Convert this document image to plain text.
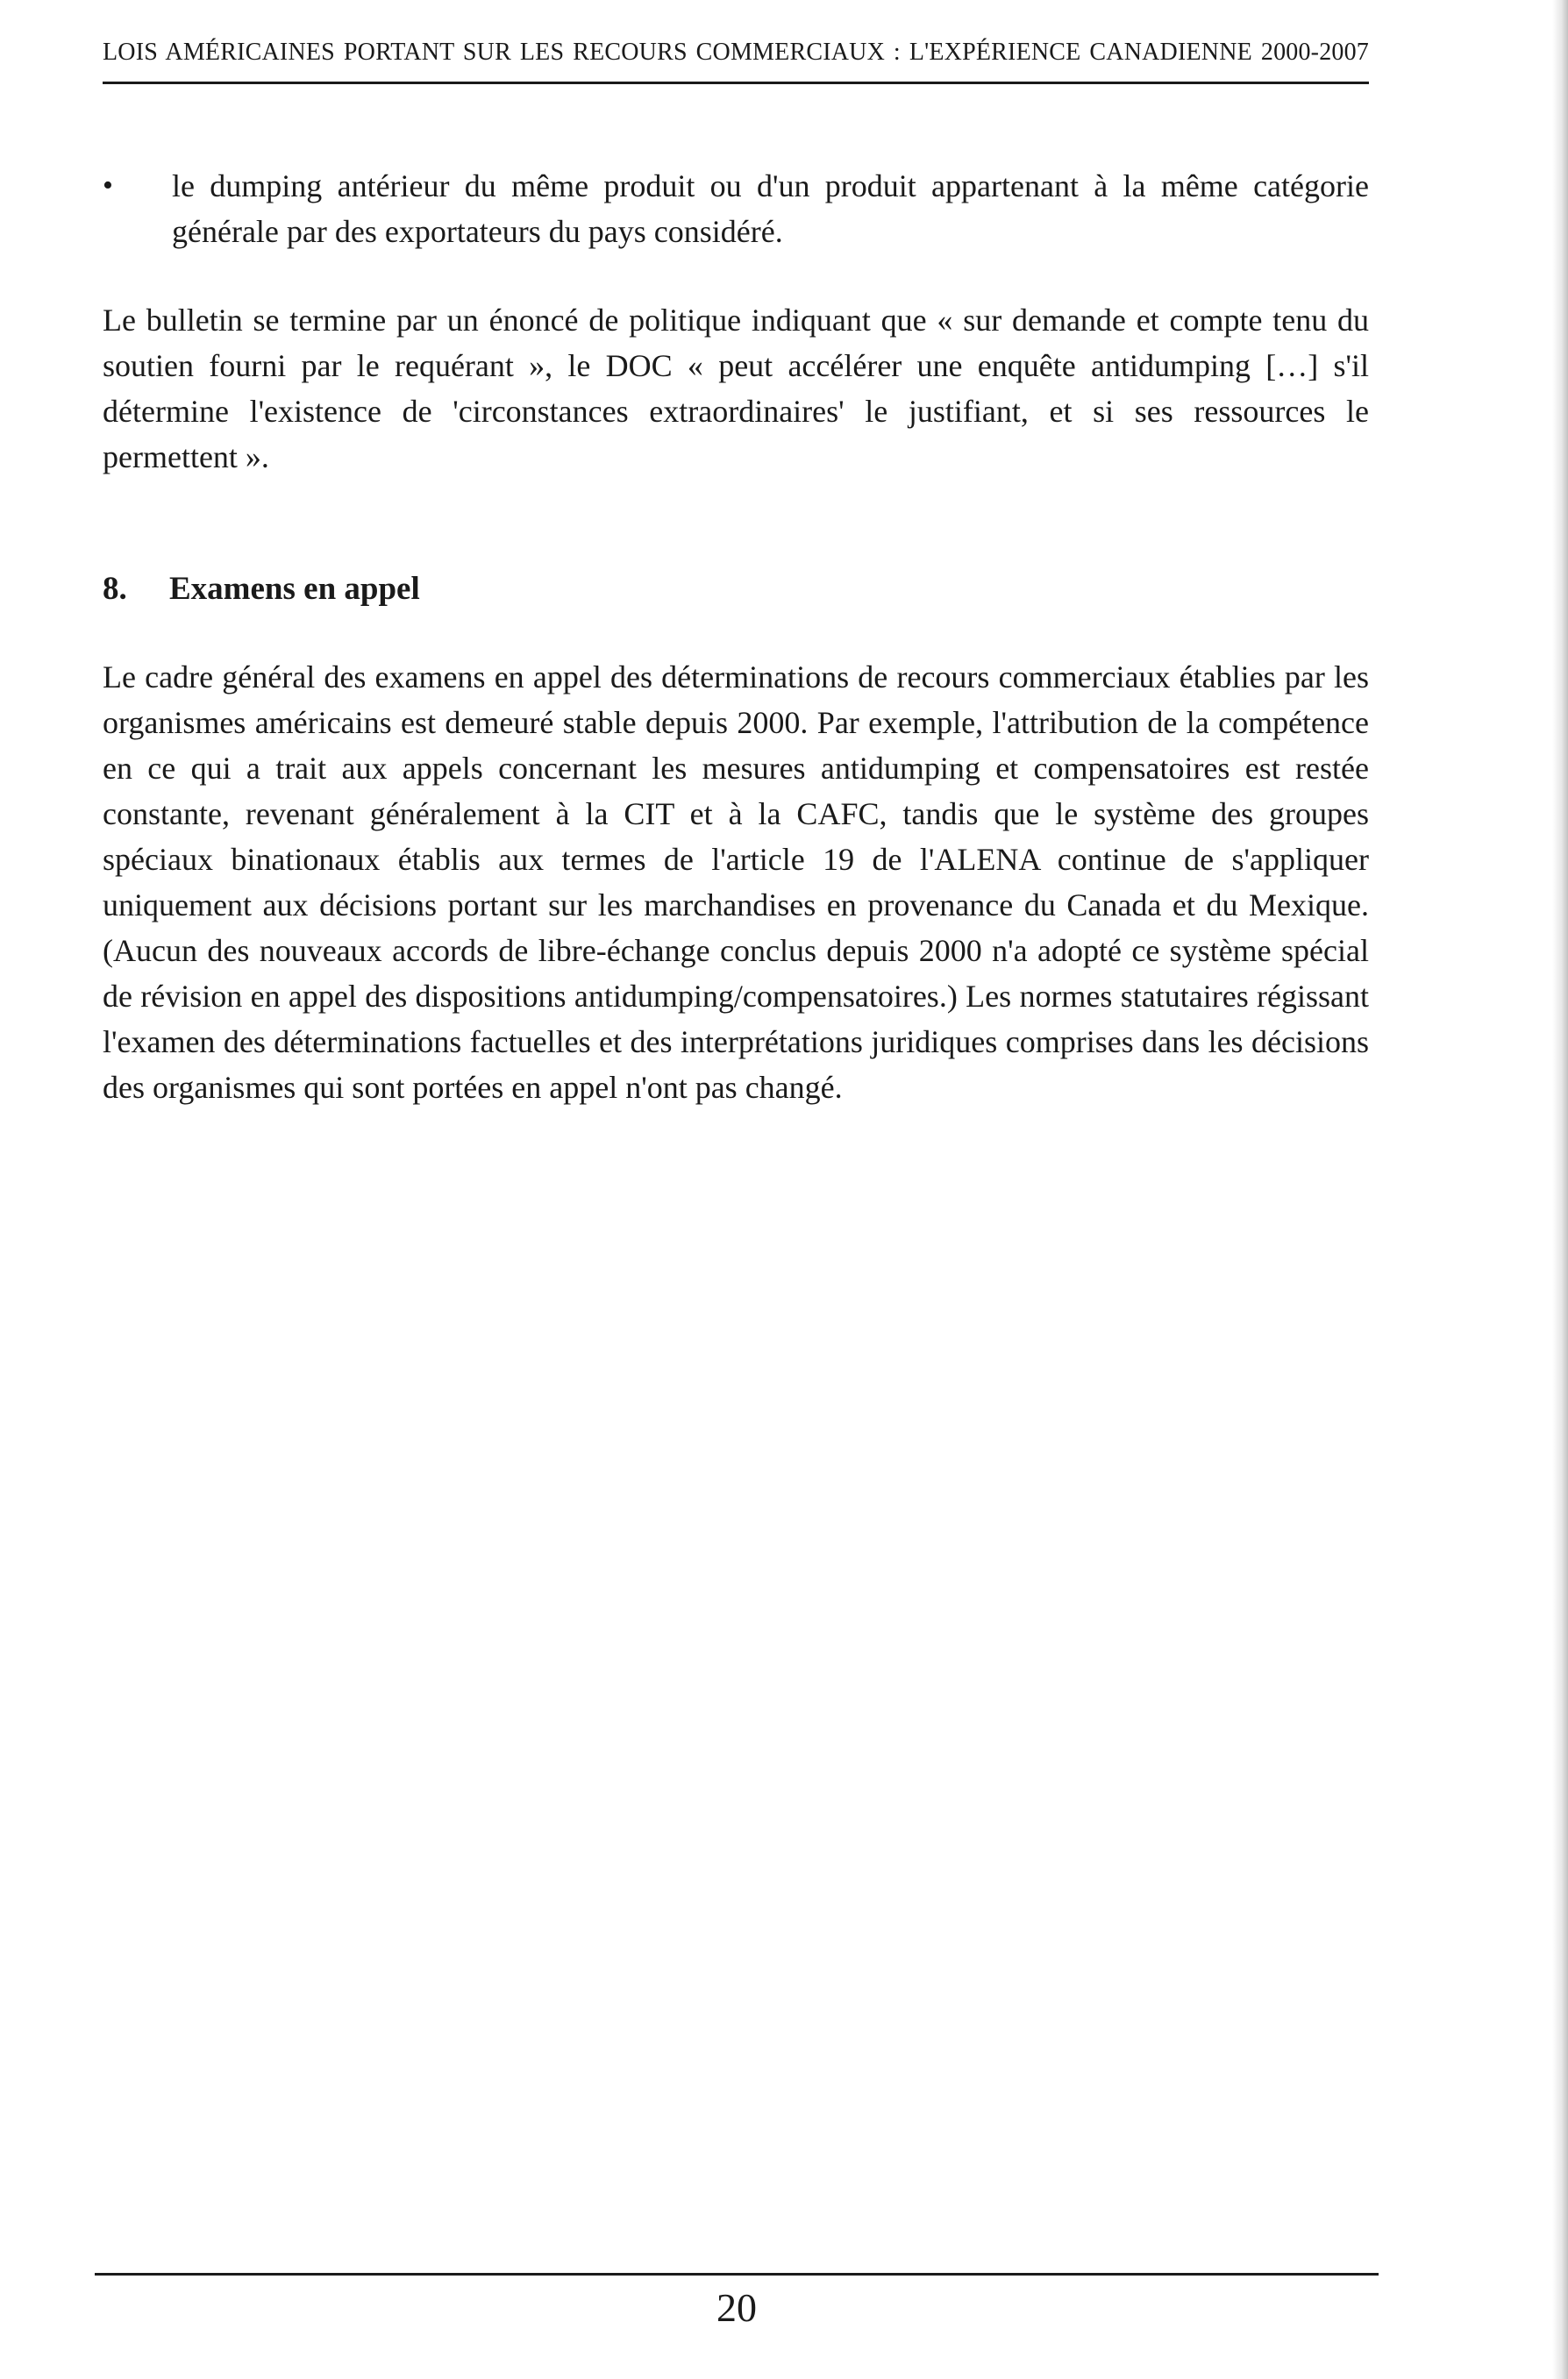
LOIS AMÉRICAINES PORTANT SUR LES RECOURS COMMERCIAUX : L'EXPÉRIENCE CANADIENNE 2000-2007
•	le dumping antérieur du même produit ou d'un produit appartenant à la même catégorie générale par des exportateurs du pays considéré.

Le bulletin se termine par un énoncé de politique indiquant que « sur demande et compte tenu du soutien fourni par le requérant », le DOC « peut accélérer une enquête antidumping […] s'il détermine l'existence de 'circonstances extraordinaires' le justifiant, et si ses ressources le permettent ».

8. Examens en appel

Le cadre général des examens en appel des déterminations de recours commerciaux établies par les organismes américains est demeuré stable depuis 2000. Par exemple, l'attribution de la compétence en ce qui a trait aux appels concernant les mesures antidumping et compensatoires est restée constante, revenant généralement à la CIT et à la CAFC, tandis que le système des groupes spéciaux binationaux établis aux termes de l'article 19 de l'ALENA continue de s'appliquer uniquement aux décisions portant sur les marchandises en provenance du Canada et du Mexique. (Aucun des nouveaux accords de libre-échange conclus depuis 2000 n'a adopté ce système spécial de révision en appel des dispositions antidumping/compensatoires.) Les normes statutaires régissant l'examen des déterminations factuelles et des interprétations juridiques comprises dans les décisions des organismes qui sont portées en appel n'ont pas changé.

20
